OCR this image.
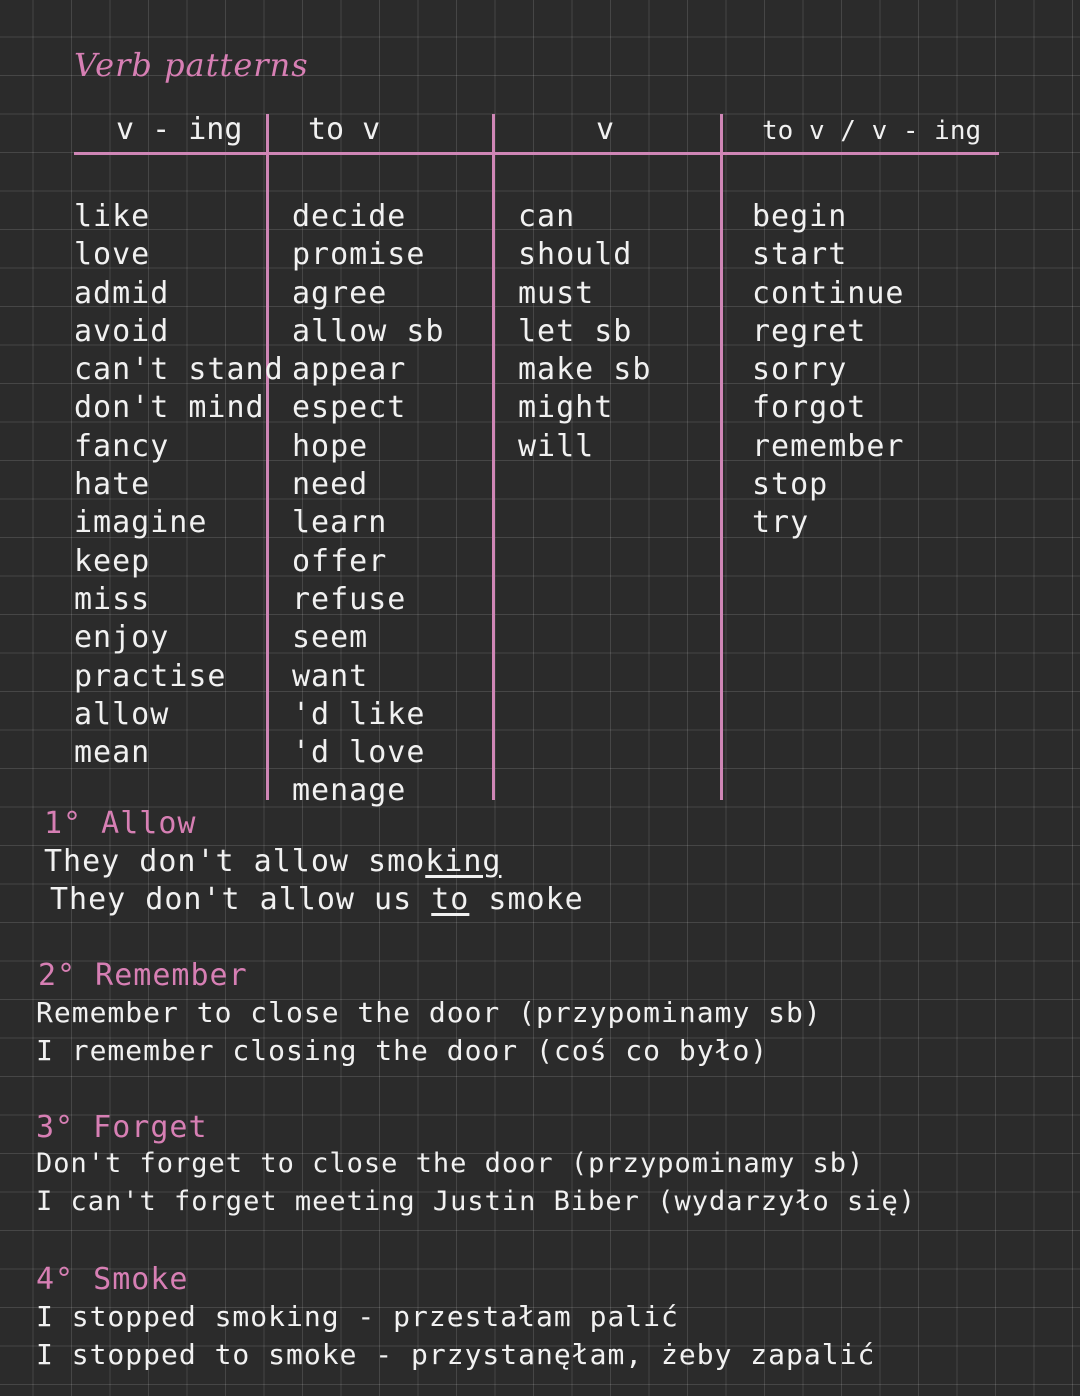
Verb patterns
v - ing to v	v	to v / v - ing
like
love
admid
avoid
can't stand
don't mind
fancy
hate
imagine
keep
miss
enjoy
practise
allow
mean
decide
promise
agree
allow sb
appear
espect
hope
need
learn
offer
refuse
seem
want
'd like
'd love
menage
can
should
must
let sb
make sb
might
will
begin
start
continue
regret
sorry
forgot
remember
stop
try
1° Allow
They don't allow smoking
They don't allow us to smoke
2° Remember
Remember to close the door (przypominamy sb)
I remember closing the door (coś co było)
3° Forget
Don't forget to close the door (przypominamy sb)
I can't forget meeting Justin Biber (wydarzyło się)
4° Smoke
I stopped smoking - przestałam palić
I stopped to smoke - przystanęłam, żeby zapalić
